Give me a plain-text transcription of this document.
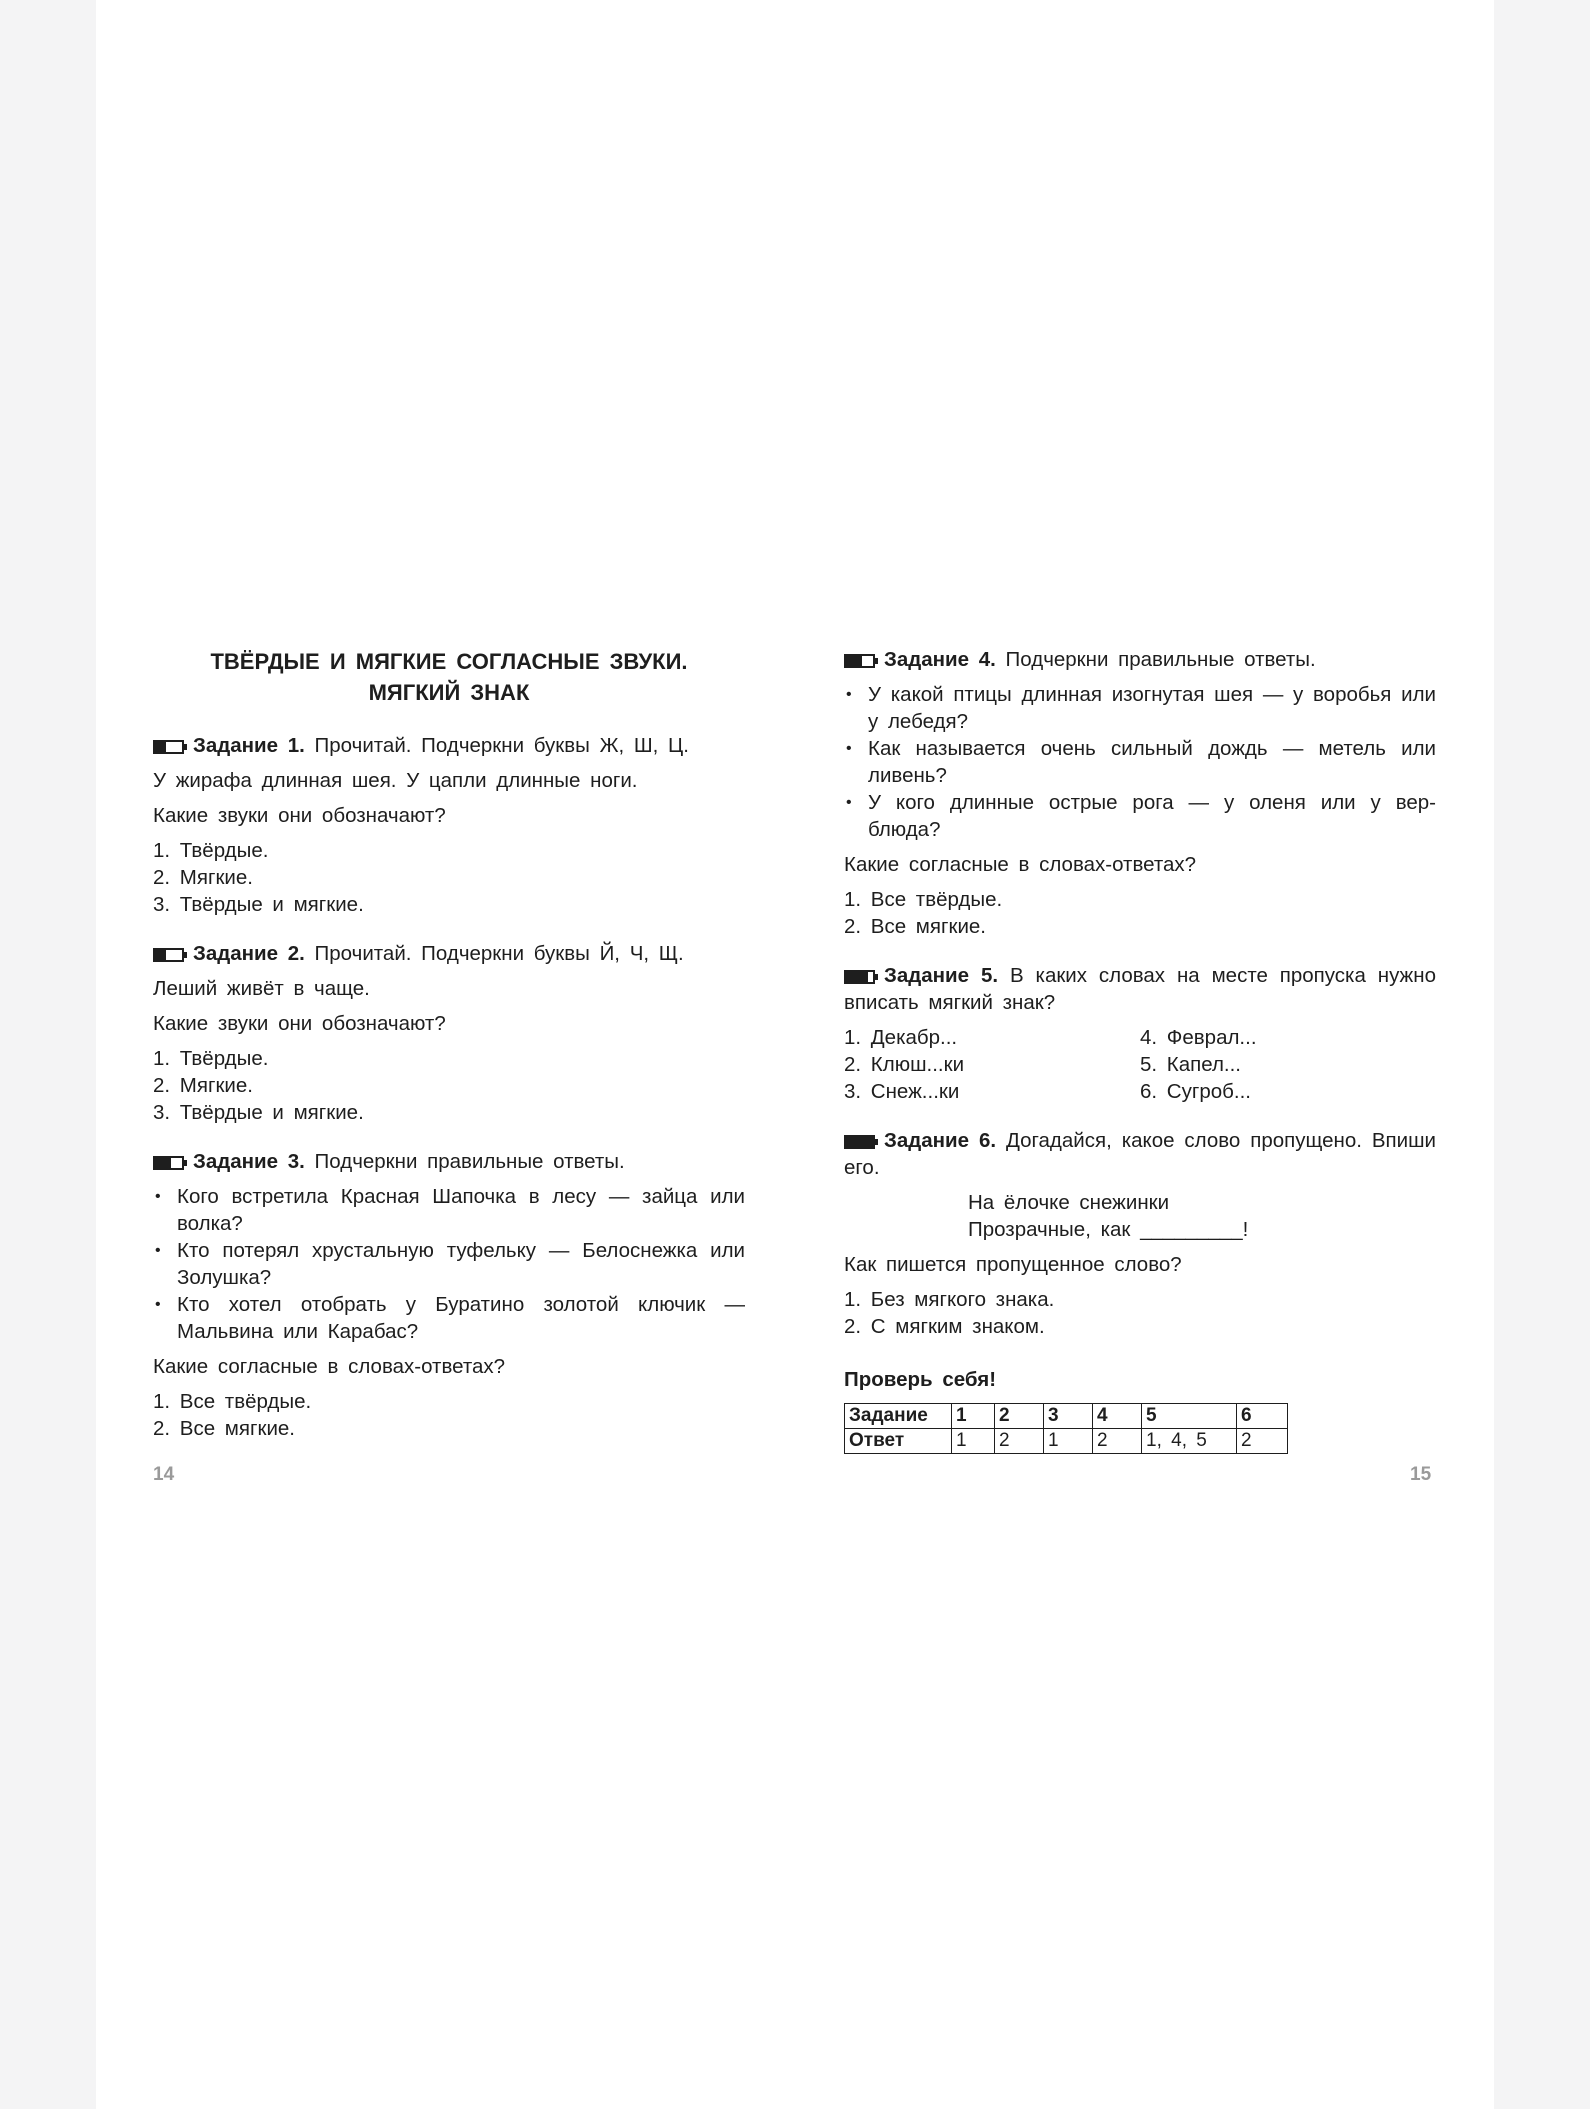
ТВЁРДЫЕ И МЯГКИЕ СОГЛАСНЫЕ ЗВУКИ.
МЯГКИЙ ЗНАК
Задание 1. Прочитай. Подчеркни буквы Ж, Ш, Ц.

У жирафа длинная шея. У цапли длинные ноги.

Какие звуки они обозначают?

1. Твёрдые.
2. Мягкие.
3. Твёрдые и мягкие.
Задание 2. Прочитай. Подчеркни буквы Й, Ч, Щ.

Леший живёт в чаще.

Какие звуки они обозначают?

1. Твёрдые.
2. Мягкие.
3. Твёрдые и мягкие.
Задание 3. Подчеркни правильные ответы.
• Кого встретила Красная Шапочка в лесу — зайца или волка?
• Кто потерял хрустальную туфельку — Белоснежка или Золушка?
• Кто хотел отобрать у Буратино золотой ключик — Мальвина или Карабас?

Какие согласные в словах-ответах?

1. Все твёрдые.
2. Все мягкие.
14
Задание 4. Подчеркни правильные ответы.
• У какой птицы длинная изогнутая шея — у воробья или у лебедя?
• Как называется очень сильный дождь — метель или ливень?
• У кого длинные острые рога — у оленя или у вер-блюда?

Какие согласные в словах-ответах?

1. Все твёрдые.
2. Все мягкие.
Задание 5. В каких словах на месте пропуска нужно вписать мягкий знак?
1. Декабр...
2. Клюш...ки
3. Снеж...ки
4. Феврал...
5. Капел...
6. Сугроб...
Задание 6. Догадайся, какое слово пропущено. Впиши его.
На ёлочке снежинки
Прозрачные, как _________!

Как пишется пропущенное слово?

1. Без мягкого знака.
2. С мягким знаком.
Проверь себя!
Задание	1	2	3	4	5	6
Ответ	1	2	1	2	1, 4, 5	2
15
